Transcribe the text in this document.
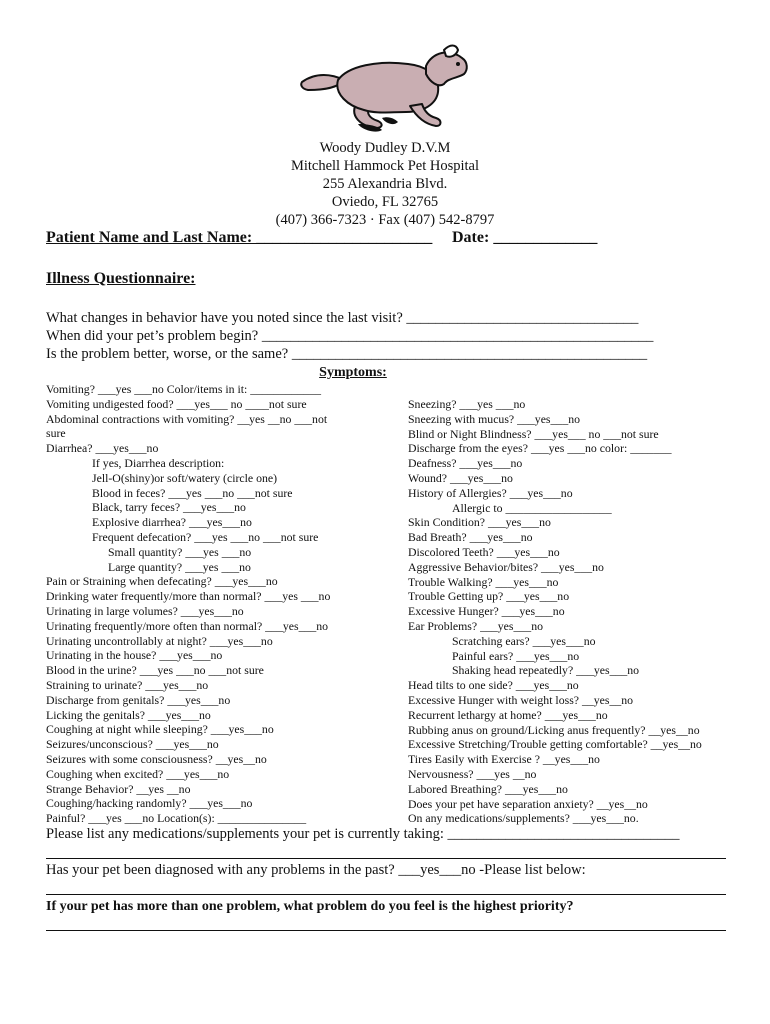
Woody Dudley D.V.M
Mitchell Hammock Pet Hospital
255 Alexandria Blvd.
Oviedo, FL 32765
(407) 366-7323 · Fax (407) 542-8797
Patient Name and Last Name: ______________________ Date: _____________
Illness Questionnaire:
What changes in behavior have you noted since the last visit? ________________________________
When did your pet’s problem begin? ______________________________________________________
Is the problem better, worse, or the same? _________________________________________________
Symptoms:
Vomiting? ___yes ___no Color/items in it: ____________
Vomiting undigested food? ___yes___ no ____not sure
Abdominal contractions with vomiting? __yes __no ___not
sure
Diarrhea? ___yes___no
If yes, Diarrhea description:
Jell-O(shiny)or soft/watery (circle one)
Blood in feces? ___yes ___no ___not sure
Black, tarry feces? ___yes___no
Explosive diarrhea? ___yes___no
Frequent defecation? ___yes ___no ___not sure
Small quantity? ___yes ___no
Large quantity? ___yes ___no
Pain or Straining when defecating? ___yes___no
Drinking water frequently/more than normal? ___yes ___no
Urinating in large volumes? ___yes___no
Urinating frequently/more often than normal? ___yes___no
Urinating uncontrollably at night? ___yes___no
Urinating in the house? ___yes___no
Blood in the urine? ___yes ___no ___not sure
Straining to urinate? ___yes___no
Discharge from genitals? ___yes___no
Licking the genitals? ___yes___no
Coughing at night while sleeping? ___yes___no
Seizures/unconscious? ___yes___no
Seizures with some consciousness? __yes__no
Coughing when excited? ___yes___no
Strange Behavior? __yes __no
Coughing/hacking randomly? ___yes___no
Painful? ___yes ___no Location(s): _______________
Sneezing? ___yes ___no
Sneezing with mucus? ___yes___no
Blind or Night Blindness? ___yes___ no ___not sure
Discharge from the eyes? ___yes ___no color: _______
Deafness? ___yes___no
Wound? ___yes___no
History of Allergies? ___yes___no
Allergic to __________________
Skin Condition? ___yes___no
Bad Breath? ___yes___no
Discolored Teeth? ___yes___no
Aggressive Behavior/bites? ___yes___no
Trouble Walking? ___yes___no
Trouble Getting up? ___yes___no
Excessive Hunger? ___yes___no
Ear Problems? ___yes___no
Scratching ears? ___yes___no
Painful ears? ___yes___no
Shaking head repeatedly? ___yes___no
Head tilts to one side? ___yes___no
Excessive Hunger with weight loss? __yes__no
Recurrent lethargy at home? ___yes___no
Rubbing anus on ground/Licking anus frequently? __yes__no
Excessive Stretching/Trouble getting comfortable? __yes__no
Tires Easily with Exercise ? __yes___no
Nervousness? ___yes __no
Labored Breathing? ___yes___no
Does your pet have separation anxiety? __yes__no
On any medications/supplements? ___yes___no.
Please list any medications/supplements your pet is currently taking: ________________________________
Has your pet been diagnosed with any problems in the past? ___yes___no -Please list below:
If your pet has more than one problem, what problem do you feel is the highest priority?
